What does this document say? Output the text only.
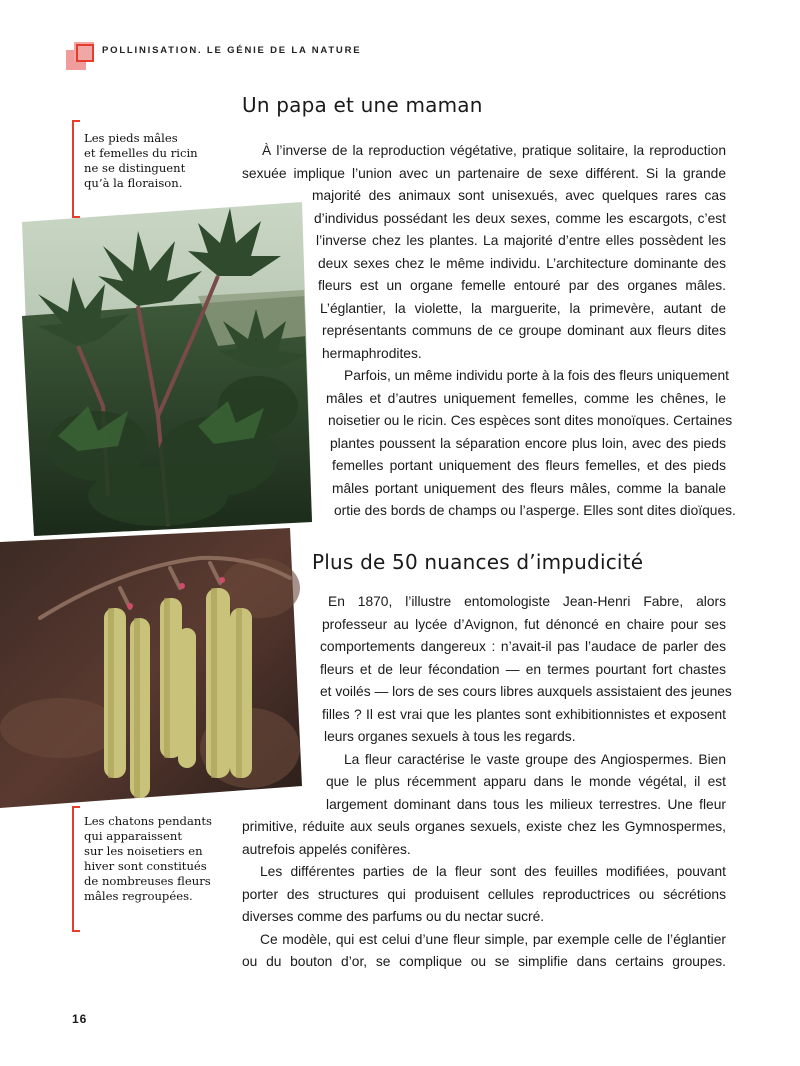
POLLINISATION. LE GÉNIE DE LA NATURE
Un papa et une maman

Les pieds mâles

et femelles du ricin

ne se distinguent

qu’à la floraison.

À l’inverse de la reproduction végétative, pratique solitaire, la reproduction
sexuée implique l’union avec un partenaire de sexe différent. Si la grande
majorité des animaux sont unisexués, avec quelques rares cas
d’individus possédant les deux sexes, comme les escargots, c’est
l’inverse chez les plantes. La majorité d’entre elles possèdent les
deux sexes chez le même individu. L’architecture dominante des
fleurs est un organe femelle entouré par des organes mâles.
L’églantier, la violette, la marguerite, la primevère, autant de
représentants communs de ce groupe dominant aux fleurs dites
hermaphrodites.
Parfois, un même individu porte à la fois des fleurs uniquement
mâles et d’autres uniquement femelles, comme les chênes, le
noisetier ou le ricin. Ces espèces sont dites monoïques. Certaines
plantes poussent la séparation encore plus loin, avec des pieds
femelles portant uniquement des fleurs femelles, et des pieds
mâles portant uniquement des fleurs mâles, comme la banale
ortie des bords de champs ou l’asperge. Elles sont dites dioïques.
Plus de 50 nuances d’impudicité
En 1870, l’illustre entomologiste Jean-Henri Fabre, alors
professeur au lycée d’Avignon, fut dénoncé en chaire pour ses
comportements dangereux : n’avait-il pas l’audace de parler des
fleurs et de leur fécondation — en termes pourtant fort chastes
et voilés — lors de ses cours libres auxquels assistaient des jeunes
filles ? Il est vrai que les plantes sont exhibitionnistes et exposent
leurs organes sexuels à tous les regards.
La fleur caractérise le vaste groupe des Angiospermes. Bien
que le plus récemment apparu dans le monde végétal, il est
largement dominant dans tous les milieux terrestres. Une fleur
primitive, réduite aux seuls organes sexuels, existe chez les Gymnospermes,
autrefois appelés conifères.
Les différentes parties de la fleur sont des feuilles modifiées, pouvant
porter des structures qui produisent cellules reproductrices ou sécrétions
diverses comme des parfums ou du nectar sucré.
Ce modèle, qui est celui d’une fleur simple, par exemple celle de l’églantier
ou du bouton d’or, se complique ou se simplifie dans certains groupes.

Les chatons pendants

qui apparaissent

sur les noisetiers en

hiver sont constitués

de nombreuses fleurs

mâles regroupées.

16
